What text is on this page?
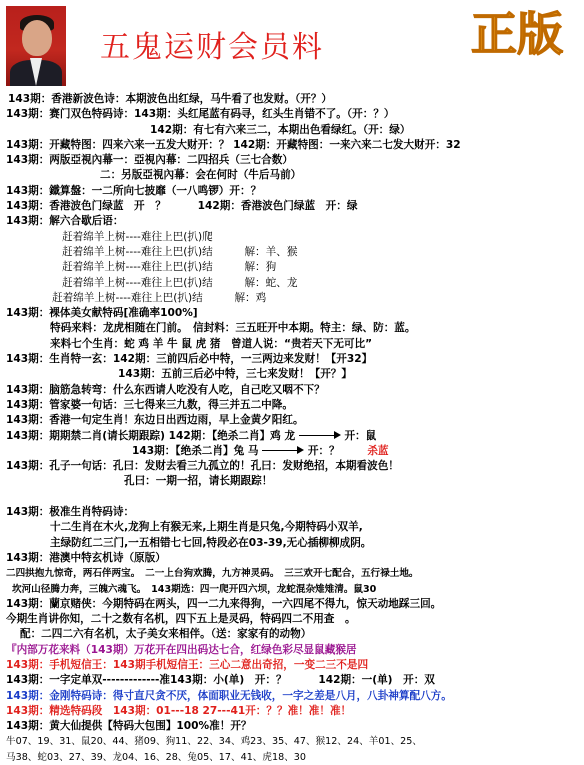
五鬼运财会员料	正版
143期：香港新波色诗：本期波色出红绿，马牛看了也发财。（开？）
143期：赛门双色特码诗：143期：头红尾蓝有码寻，红头生肖错不了。（开：？）
142期：有七有六来三二，本期出色看绿红。（开：绿）
143期：开藏特图：四来六来一五发大财开：？ 142期：开藏特图：一来六来二七发大财开：32
143期：两版亞視內幕一：亞視內幕：二四招兵（三七合数）
二：另版亞視內幕：会在何时（牛后马前）
143期：鐵算盤：一二所向七披靡（一八鸣锣）开：？
143期：香港波色门绿蓝　开　？　　　142期：香港波色门绿蓝　开：绿
143期：解六合歇后语：
赶着绵羊上树----难往上巴(扒)爬
赶着绵羊上树----难往上巴(扒)结　　　解：羊、猴
赶着绵羊上树----难往上巴(扒)结　　　解：狗
赶着绵羊上树----难往上巴(扒)结　　　解：蛇、龙
赶着绵羊上树----难往上巴(扒)结　　　解：鸡
143期：裸体美女献特码[准确率100%]
特码来料：龙虎相随在门前。　信封料：三五旺开中本期。特主：绿、防：蓝。
来料七个生肖：蛇 鸡 羊 牛 鼠 虎 猪　曾道人说：“贵若天下无可比”
143期：生肖特一玄：142期：三前四后必中特，一三两边来发财！【开32】
143期：五前三后必中特，三七来发财！【开？】
143期：脑筋急转弯：什么东西请人吃没有人吃，自己吃又咽不下？
143期：管家婆一句话：三七得来三九数，得三并五二中降。
143期：香港一句定生肖！东边日出西边雨，早上金黄夕阳红。
143期：期期禁二肖(请长期跟踪) 142期：【绝杀二肖】鸡 龙	开：鼠
143期：【绝杀二肖】兔 马	开：？	杀蓝
143期：孔子一句话：孔曰：发财去看三九孤立的！孔曰：发财绝招，本期看波色！
孔曰：一期一招，请长期跟踪！
143期：极准生肖特码诗：
十二生肖在木火,龙狗上有猴无来,上期生肖是只兔,今期特码小双羊,
主绿防红二三门,一五相错七七回,特段必在03-39,无心插柳柳成阴。
143期：港澳中特玄机诗（原版）
二四拱抱九惊奇，两石伴两宝。　二一上台狗欢腾，九方神灵码。　三三欢开七配合，五行禄土地。
坎河山径腾力奔，三魄六魂飞。　143期选：四一爬开四六坝，龙蛇混杂雉雉清。鼠30
143期：蘭京赌侠：今期特码在两头，四一二九来得狗，一六四尾不得九，惊天动地踩三回。
今期生肖讲你知，二十之数有名机，四下五上是灵码，特码四二不用查　。
配：二四二六有名机，太子美女来相伴。（送：家家有的动物）
『内部万花来料（143期）万花开在四出码达七合，红绿色彩尽显鼠藏猴居
143期：手机短信王：143期手机短信王：三心二意出奇招，一变二三不是四
143期：一字定单双-------------准143期：小(单)　开：？　　　142期：一(单)　开：双
143期：金刚特码诗：得寸直尺贪不厌，体面职业无钱收，一字之差是八月，八卦神算配八方。
143期：精选特码段　143期：01---18 27---41开：？？准！准！准！
143期：黄大仙提供【特码大包围】100%准！开？
牛07、19、31、鼠20、44、猪09、狗11、22、34、鸡23、35、47、猴12、24、羊01、25、
马38、蛇03、27、39、龙04、16、28、兔05、17、41、虎18、30
